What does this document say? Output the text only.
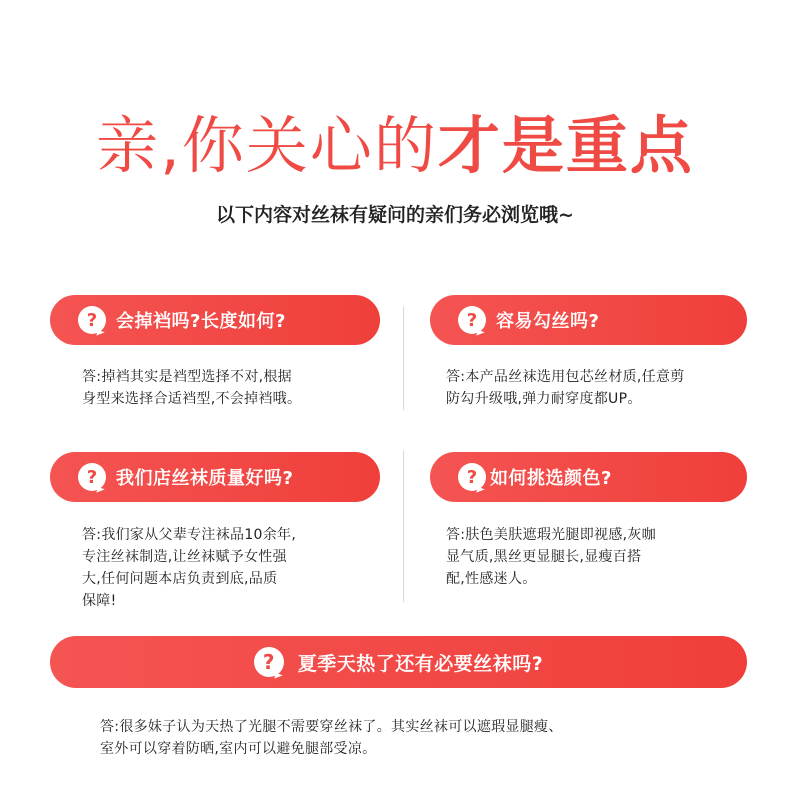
亲,你关心的才是重点
以下内容对丝袜有疑问的亲们务必浏览哦~
?	会掉裆吗?长度如何?	?	容易勾丝吗?
答:掉裆其实是裆型选择不对,根据
身型来选择合适裆型,不会掉裆哦。
答:本产品丝袜选用包芯丝材质,任意剪
防勾升级哦,弹力耐穿度都UP。
?	我们店丝袜质量好吗?	? 如何挑选颜色?
答:我们家从父辈专注袜品10余年,
专注丝袜制造,让丝袜赋予女性强
大,任何问题本店负责到底,品质
保障!
答:肤色美肤遮瑕光腿即视感,灰咖
显气质,黑丝更显腿长,显瘦百搭
配,性感迷人。
?	夏季天热了还有必要丝袜吗?
答:很多妹子认为天热了光腿不需要穿丝袜了。其实丝袜可以遮瑕显腿瘦、
室外可以穿着防晒,室内可以避免腿部受凉。
